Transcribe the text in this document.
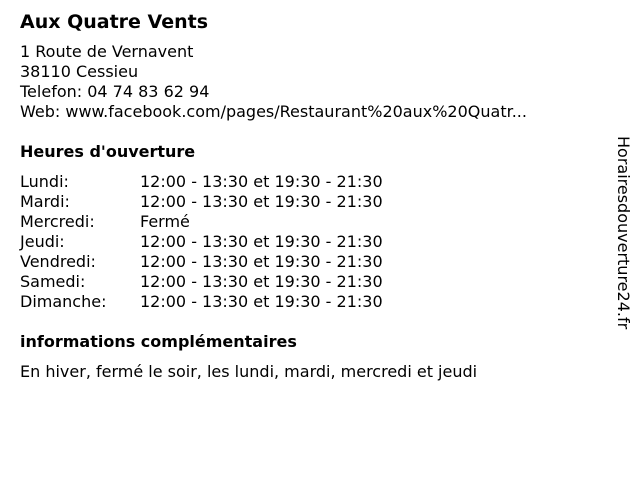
Aux Quatre Vents
1 Route de Vernavent
38110 Cessieu
Telefon: 04 74 83 62 94
Web: www.facebook.com/pages/Restaurant%20aux%20Quatr...
Heures d'ouverture
Lundi:	12:00 - 13:30 et 19:30 - 21:30
Mardi:	12:00 - 13:30 et 19:30 - 21:30
Mercredi:	Fermé
Jeudi:	12:00 - 13:30 et 19:30 - 21:30
Vendredi:	12:00 - 13:30 et 19:30 - 21:30
Samedi:	12:00 - 13:30 et 19:30 - 21:30
Dimanche:	12:00 - 13:30 et 19:30 - 21:30
informations complémentaires
En hiver, fermé le soir, les lundi, mardi, mercredi et jeudi
Horairesdouverture24.fr
